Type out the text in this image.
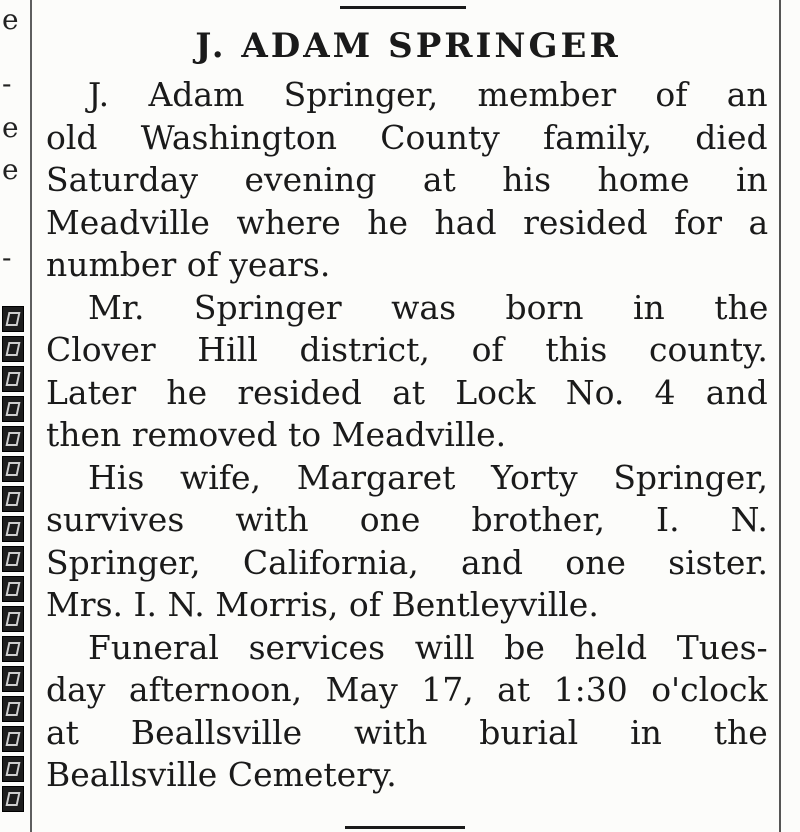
e
-
e
e
-
J. ADAM SPRINGER

J. Adam Springer, member of an
old Washington County family, died
Saturday evening at his home in
Meadville where he had resided for a
number of years.

Mr. Springer was born in the
Clover Hill district, of this county.
Later he resided at Lock No. 4 and
then removed to Meadville.

His wife, Margaret Yorty Springer,
survives with one brother, I. N.
Springer, California, and one sister.
Mrs. I. N. Morris, of Bentleyville.

Funeral services will be held Tues-
day afternoon, May 17, at 1:30 o'clock
at Beallsville with burial in the
Beallsville Cemetery.
